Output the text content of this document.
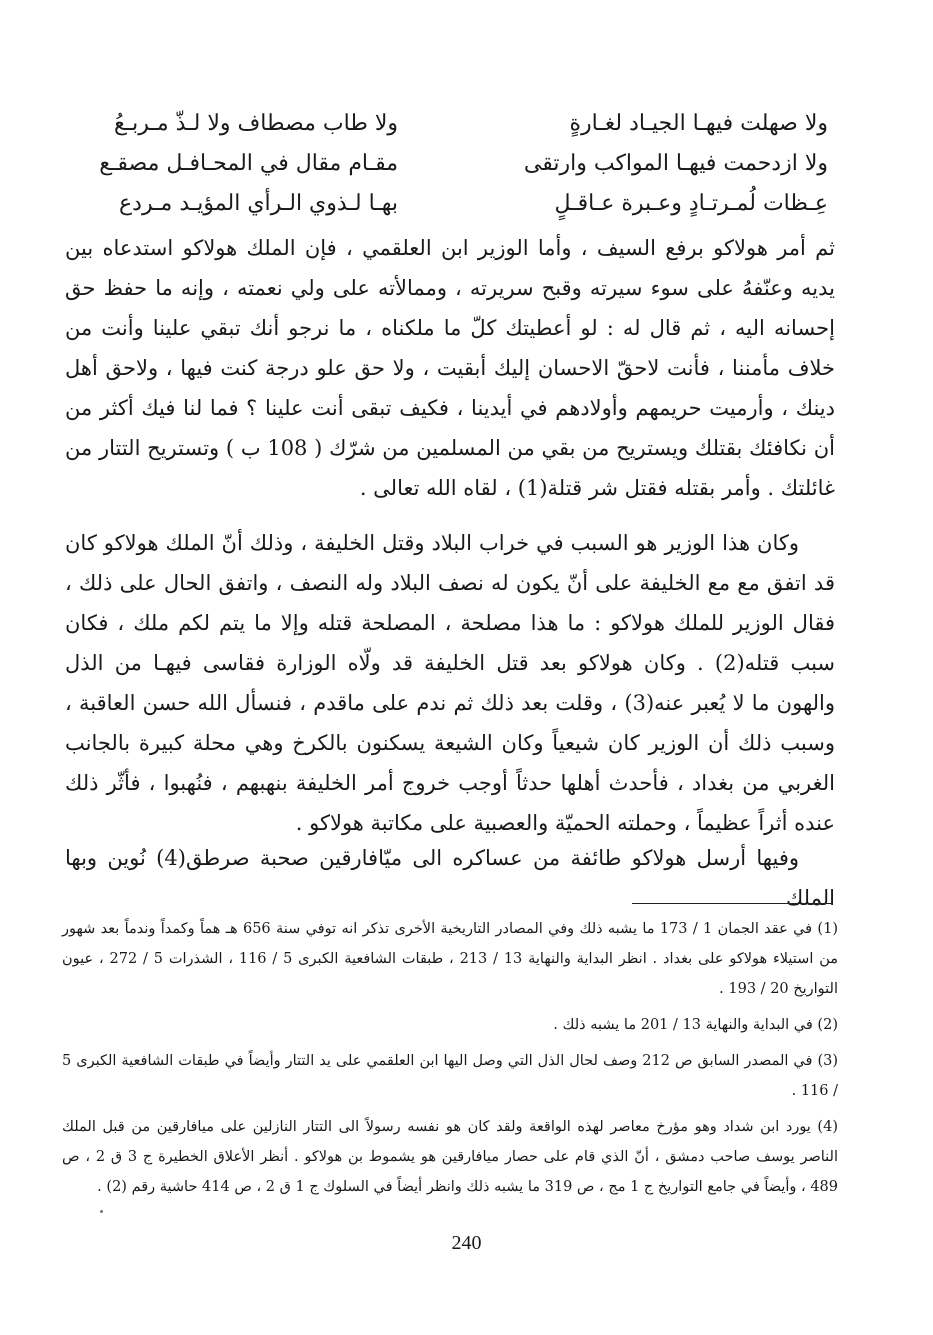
ولا صهلت فيهـا الجيـاد لغـارةٍ
ولا طاب مصطاف ولا لـذّ مـربـعُ
ولا ازدحمت فيهـا المواكب وارتقى
مقـام مقال في المحـافـل مصقـع
عِـظات لُمـرتـادٍ وعـبرة عـاقـلٍ
بهـا لـذوي الـرأي المؤيـد مـردع

ثم أمر هولاكو برفع السيف ، وأما الوزير ابن العلقمي ، فإن الملك هولاكو استدعاه بين يديه وعنّفهُ على سوء سيرته وقبح سريرته ، وممالأته على ولي نعمته ، وإنه ما حفظ حق إحسانه اليه ، ثم قال له : لو أعطيتك كلّ ما ملكناه ، ما نرجو أنك تبقي علينا وأنت من خلاف مأمننا ، فأنت لاحقّ الاحسان إليك أبقيت ، ولا حق علو درجة كنت فيها ، ولاحق أهل دينك ، وأرميت حريمهم وأولادهم في أيدينا ، فكيف تبقى أنت علينا ؟ فما لنا فيك أكثر من أن نكافئك بقتلك ويستريح من بقي من المسلمين من شرّك ( 108 ب ) وتستريح التتار من غائلتك . وأمر بقتله فقتل شر قتلة(1) ، لقاه الله تعالى .

وكان هذا الوزير هو السبب في خراب البلاد وقتل الخليفة ، وذلك أنّ الملك هولاكو كان قد اتفق مع مع الخليفة على أنّ يكون له نصف البلاد وله النصف ، واتفق الحال على ذلك ، فقال الوزير للملك هولاكو : ما هذا مصلحة ، المصلحة قتله وإلا ما يتم لكم ملك ، فكان سبب قتله(2) . وكان هولاكو بعد قتل الخليفة قد ولّاه الوزارة فقاسى فيهـا من الذل والهون ما لا يُعبر عنه(3) ، وقلت بعد ذلك ثم ندم على ماقدم ، فنسأل الله حسن العاقبة ، وسبب ذلك أن الوزير كان شيعياً وكان الشيعة يسكنون بالكرخ وهي محلة كبيرة بالجانب الغربي من بغداد ، فأحدث أهلها حدثاً أوجب خروج أمر الخليفة بنهبهم ، فنُهبوا ، فأثّر ذلك عنده أثراً عظيماً ، وحملته الحميّة والعصبية على مكاتبة هولاكو .

وفيها أرسل هولاكو طائفة من عساكره الى ميّافارقين صحبة صرطق(4) نُوين وبها الملك

(1) في عقد الجمان 1 / 173 ما يشبه ذلك وفي المصادر التاريخية الأخرى تذكر انه توفي سنة 656 هـ هماً وكمداً وندماً بعد شهور من استيلاء هولاكو على بغداد . انظر البداية والنهاية 13 / 213 ، طبقات الشافعية الكبرى 5 / 116 ، الشذرات 5 / 272 ، عيون التواريخ 20 / 193 .

(2) في البداية والنهاية 13 / 201 ما يشبه ذلك .

(3) في المصدر السابق ص 212 وصف لحال الذل التي وصل اليها ابن العلقمي على يد التتار وأيضاً في طبقات الشافعية الكبرى 5 / 116 .

(4) يورد ابن شداد وهو مؤرخ معاصر لهذه الواقعة ولقد كان هو نفسه رسولاً الى التتار النازلين على ميافارقين من قبل الملك الناصر يوسف صاحب دمشق ، أنّ الذي قام على حصار ميافارقين هو يشموط بن هولاكو . أنظر الأعلاق الخطيرة ج 3 ق 2 ، ص 489 ، وأيضاً في جامع التواريخ ج 1 مج ، ص 319 ما يشبه ذلك وانظر أيضاً في السلوك ج 1 ق 2 ، ص 414 حاشية رقم (2) .

240
